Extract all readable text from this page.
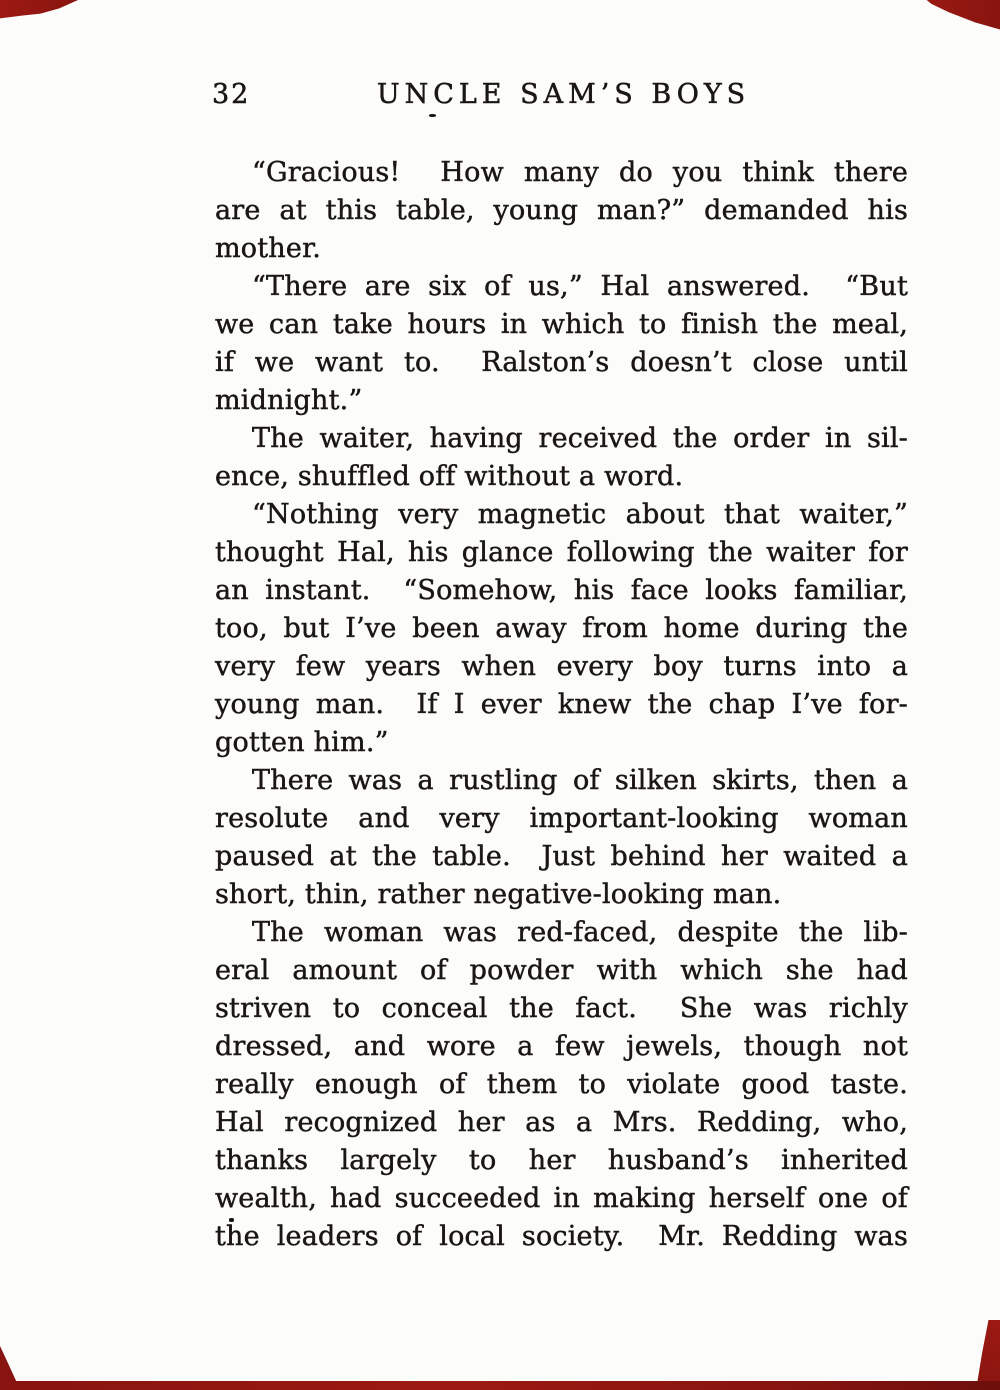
32	UNCLE SAM’S BOYS
“Gracious!  How many do you think there
are at this table, young man?” demanded his
mother.
“There are six of us,” Hal answered.  “But
we can take hours in which to finish the meal,
if we want to.  Ralston’s doesn’t close until
midnight.”
The waiter, having received the order in sil-
ence, shuffled off without a word.
“Nothing very magnetic about that waiter,”
thought Hal, his glance following the waiter for
an instant.  “Somehow, his face looks familiar,
too, but I’ve been away from home during the
very few years when every boy turns into a
young man.  If I ever knew the chap I’ve for-
gotten him.”
There was a rustling of silken skirts, then a
resolute and very important-looking woman
paused at the table.  Just behind her waited a
short, thin, rather negative-looking man.
The woman was red-faced, despite the lib-
eral amount of powder with which she had
striven to conceal the fact.  She was richly
dressed, and wore a few jewels, though not
really enough of them to violate good taste.
Hal recognized her as a Mrs. Redding, who,
thanks largely to her husband’s inherited
wealth, had succeeded in making herself one of
the leaders of local society.  Mr. Redding was
